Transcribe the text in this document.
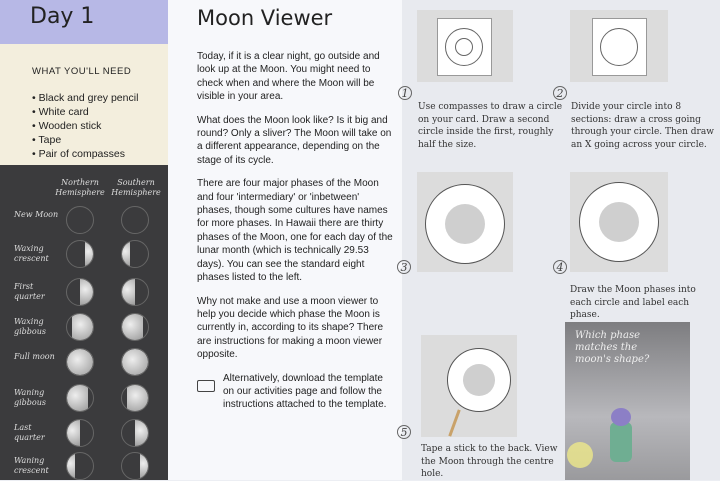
Day 1
WHAT YOU'LL NEED
• Black and grey pencil
• White card
• Wooden stick
• Tape
• Pair of compasses
Northern Hemisphere
Southern Hemisphere
New Moon
Waxing crescent
First quarter
Waxing gibbous
Full moon
Waning gibbous
Last quarter
Waning crescent
Moon Viewer

Today, if it is a clear night, go outside and look up at the Moon. You might need to check when and where the Moon will be visible in your area.

What does the Moon look like? Is it big and round? Only a sliver? The Moon will take on a different appearance, depending on the stage of its cycle.

There are four major phases of the Moon and four 'intermediary' or 'inbetween' phases, though some cultures have names for more phases. In Hawaii there are thirty phases of the Moon, one for each day of the lunar month (which is technically 29.53 days). You can see the standard eight phases listed to the left.

Why not make and use a moon viewer to help you decide which phase the Moon is currently in, according to its shape? There are instructions for making a moon viewer opposite.

Alternatively, download the template on our activities page and follow the instructions attached to the template.

1	2
Use compasses to draw a circle on your card. Draw a second circle inside the first, roughly half the size.
Divide your circle into 8 sections: draw a cross going through your circle. Then draw an X going across your circle.
3	4
Draw the Moon phases into each circle and label each phase.
5
Tape a stick to the back. View the Moon through the centre hole.
Which phase matches the moon's shape?
